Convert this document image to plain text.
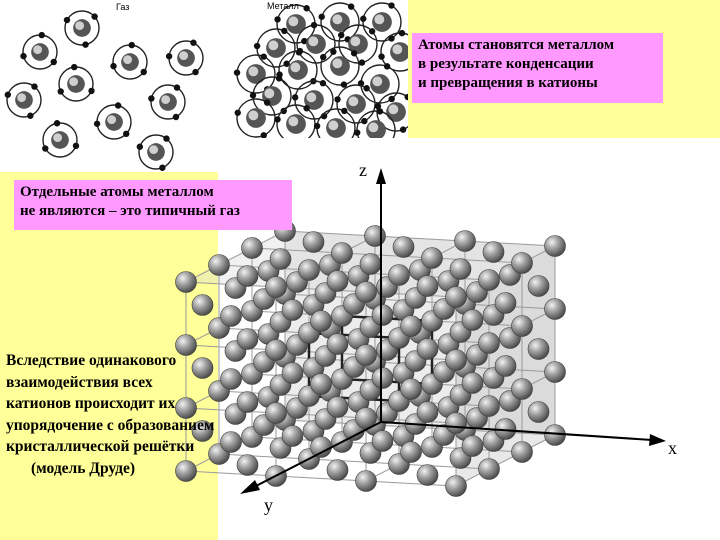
Газ	Металл
z
x
y
Атомы становятся металлом
в результате конденсации
и превращения в катионы
Отдельные атомы металлом
не являются – это типичный газ
Вследствие одинакового
взаимодействия всех
катионов происходит их
упорядочение с образованием
кристаллической решётки
(модель Друде)
